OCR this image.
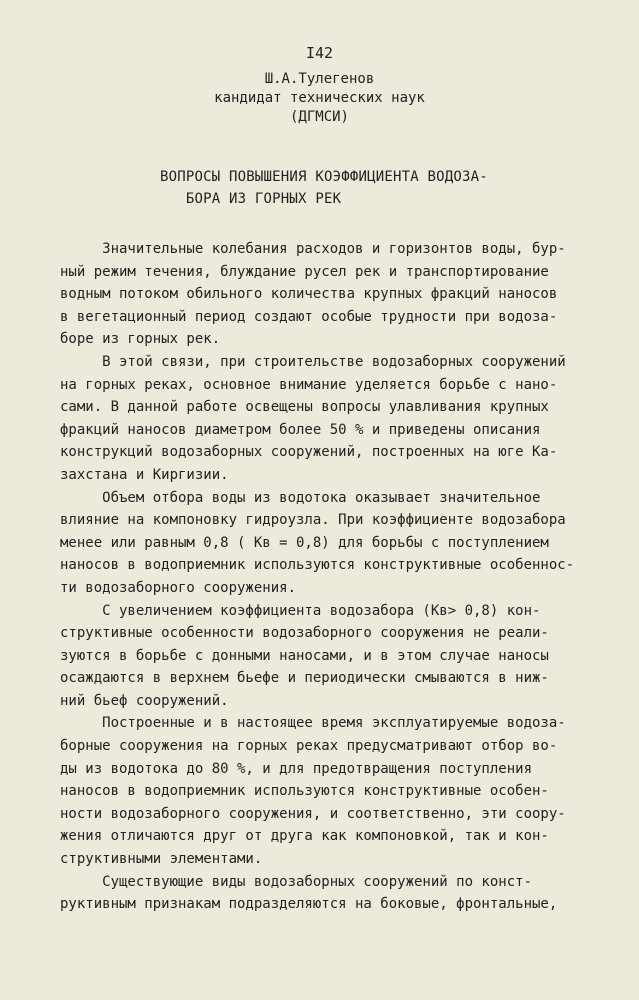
I42
Ш.А.Тулегенов
кандидат технических наук
(ДГМСИ)
ВОПРОСЫ ПОВЫШЕНИЯ КОЭФФИЦИЕНТА ВОДОЗА-
БОРА ИЗ ГОРНЫХ РЕК
Значительные колебания расходов и горизонтов воды, бур-
ный режим течения, блуждание русел рек и транспортирование
водным потоком обильного количества крупных фракций наносов
в вегетационный период создают особые трудности при водоза-
боре из горных рек.
В этой связи, при строительстве водозаборных сооружений
на горных реках, основное внимание уделяется борьбе с нано-
сами. В данной работе освещены вопросы улавливания крупных
фракций наносов диаметром более 50 % и приведены описания
конструкций водозаборных сооружений, построенных на юге Ка-
захстана и Киргизии.
Объем отбора воды из водотока оказывает значительное
влияние на компоновку гидроузла. При коэффициенте водозабора
менее или равным 0,8 ( Кв = 0,8) для борьбы с поступлением
наносов в водоприемник используются конструктивные особеннос-
ти водозаборного сооружения.
С увеличением коэффициента водозабора (Кв> 0,8) кон-
структивные особенности водозаборного сооружения не реали-
зуются в борьбе с донными наносами, и в этом случае наносы
осаждаются в верхнем бьефе и периодически смываются в ниж-
ний бьеф сооружений.
Построенные и в настоящее время эксплуатируемые водоза-
борные сооружения на горных реках предусматривают отбор во-
ды из водотока до 80 %, и для предотвращения поступления
наносов в водоприемник используются конструктивные особен-
ности водозаборного сооружения, и соответственно, эти соору-
жения отличаются друг от друга как компоновкой, так и кон-
структивными элементами.
Существующие виды водозаборных сооружений по конст-
руктивным признакам подразделяются на боковые, фронтальные,
